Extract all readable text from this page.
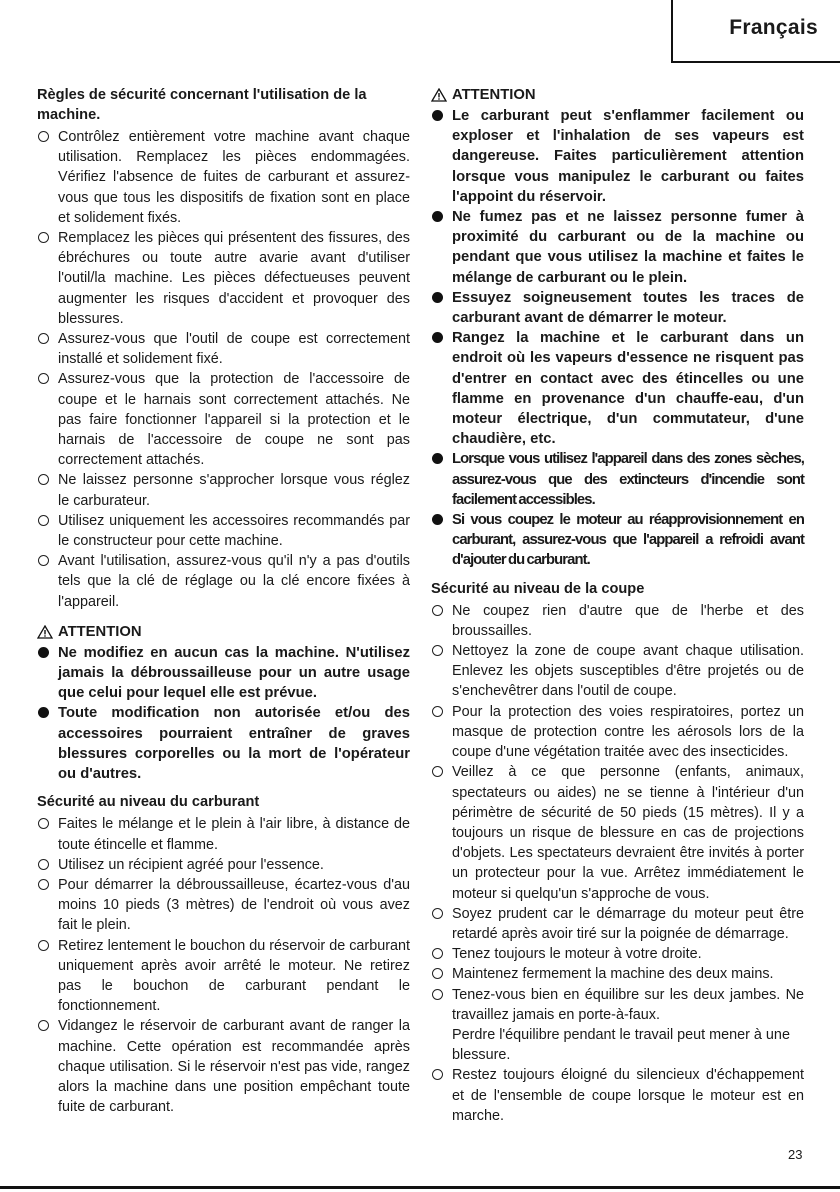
Français
Règles de sécurité concernant l'utilisation de la machine.

Contrôlez entièrement votre machine avant chaque utilisation. Remplacez les pièces endommagées. Vérifiez l'absence de fuites de carburant et assurez-vous que tous les dispositifs de fixation sont en place et solidement fixés.

Remplacez les pièces qui présentent des fissures, des ébréchures ou toute autre avarie avant d'utiliser l'outil/la machine. Les pièces défectueuses peuvent augmenter les risques d'accident et provoquer des blessures.

Assurez-vous que l'outil de coupe est correctement installé et solidement fixé.

Assurez-vous que la protection de l'accessoire de coupe et le harnais sont correctement attachés. Ne pas faire fonctionner l'appareil si la protection et le harnais de l'accessoire de coupe ne sont pas correctement attachés.

Ne laissez personne s'approcher lorsque vous réglez le carburateur.

Utilisez uniquement les accessoires recommandés par le constructeur pour cette machine.

Avant l'utilisation, assurez-vous qu'il n'y a pas d'outils tels que la clé de réglage ou la clé encore fixées à l'appareil.

ATTENTION

Ne modifiez en aucun cas la machine. N'utilisez jamais la débroussailleuse pour un autre usage que celui pour lequel elle est prévue.

Toute modification non autorisée et/ou des accessoires pourraient entraîner de graves blessures corporelles ou la mort de l'opérateur ou d'autres.

Sécurité au niveau du carburant

Faites le mélange et le plein à l'air libre, à distance de toute étincelle et flamme.

Utilisez un récipient agréé pour l'essence.

Pour démarrer la débroussailleuse, écartez-vous d'au moins 10 pieds (3 mètres) de l'endroit où vous avez fait le plein.

Retirez lentement le bouchon du réservoir de carburant uniquement après avoir arrêté le moteur. Ne retirez pas le bouchon de carburant pendant le fonctionnement.

Vidangez le réservoir de carburant avant de ranger la machine. Cette opération est recommandée après chaque utilisation. Si le réservoir n'est pas vide, rangez alors la machine dans une position empêchant toute fuite de carburant.

ATTENTION

Le carburant peut s'enflammer facilement ou exploser et l'inhalation de ses vapeurs est dangereuse. Faites particulièrement attention lorsque vous manipulez le carburant ou faites l'appoint du réservoir.

Ne fumez pas et ne laissez personne fumer à proximité du carburant ou de la machine ou pendant que vous utilisez la machine et faites le mélange de carburant ou le plein.

Essuyez soigneusement toutes les traces de carburant avant de démarrer le moteur.

Rangez la machine et le carburant dans un endroit où les vapeurs d'essence ne risquent pas d'entrer en contact avec des étincelles ou une flamme en provenance d'un chauffe-eau, d'un moteur électrique, d'un commutateur, d'une chaudière, etc.

Lorsque vous utilisez l'appareil dans des zones sèches, assurez-vous que des extincteurs d'incendie sont facilement accessibles.

Si vous coupez le moteur au réapprovisionnement en carburant, assurez-vous que l'appareil a refroidi avant d'ajouter du carburant.

Sécurité au niveau de la coupe

Ne coupez rien d'autre que de l'herbe et des broussailles.

Nettoyez la zone de coupe avant chaque utilisation. Enlevez les objets susceptibles d'être projetés ou de s'enchevêtrer dans l'outil de coupe.

Pour la protection des voies respiratoires, portez un masque de protection contre les aérosols lors de la coupe d'une végétation traitée avec des insecticides.

Veillez à ce que personne (enfants, animaux, spectateurs ou aides) ne se tienne à l'intérieur d'un périmètre de sécurité de 50 pieds (15 mètres). Il y a toujours un risque de blessure en cas de projections d'objets. Les spectateurs devraient être invités à porter un protecteur pour la vue. Arrêtez immédiatement le moteur si quelqu'un s'approche de vous.

Soyez prudent car le démarrage du moteur peut être retardé après avoir tiré sur la poignée de démarrage.

Tenez toujours le moteur à votre droite.

Maintenez fermement la machine des deux mains.

Tenez-vous bien en équilibre sur les deux jambes. Ne travaillez jamais en porte-à-faux.

Perdre l'équilibre pendant le travail peut mener à une blessure.

Restez toujours éloigné du silencieux d'échappement et de l'ensemble de coupe lorsque le moteur est en marche.

23
